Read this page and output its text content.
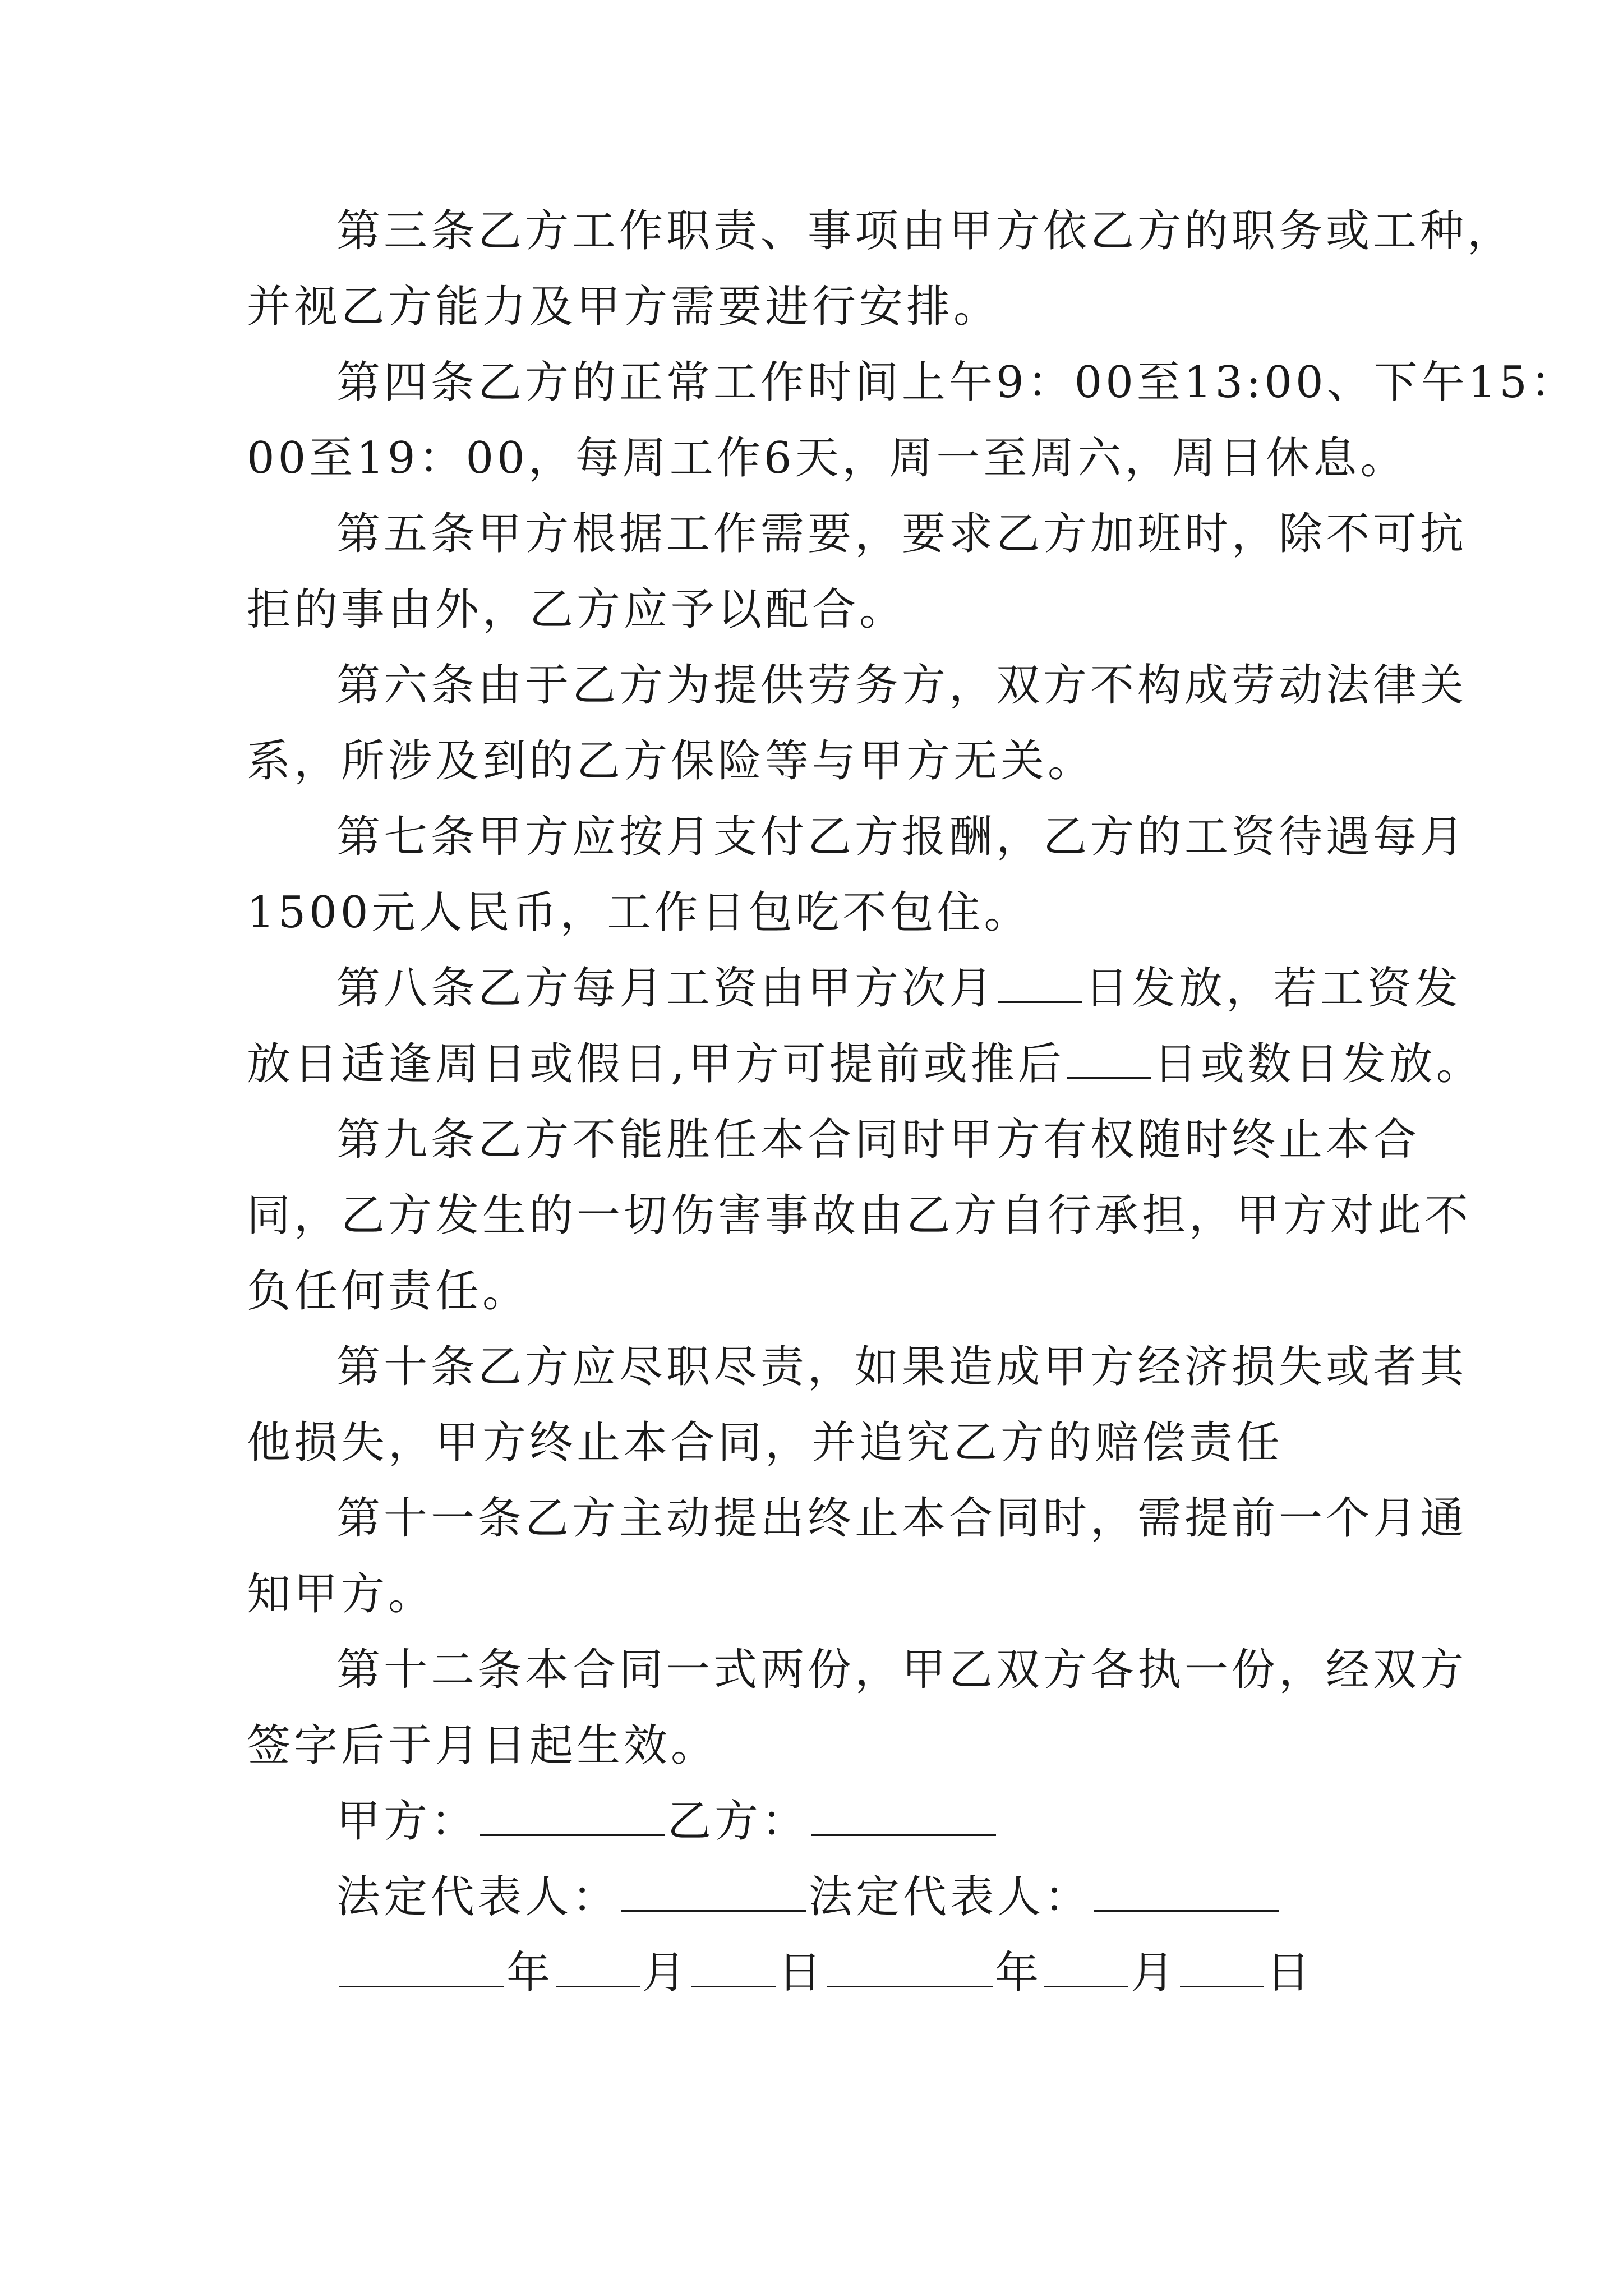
第三条乙方工作职责、事项由甲方依乙方的职务或工种，
并视乙方能力及甲方需要进行安排。
第四条乙方的正常工作时间上午9：00至13:00、下午15：
00至19：00，每周工作6天，周一至周六，周日休息。
第五条甲方根据工作需要，要求乙方加班时，除不可抗
拒的事由外，乙方应予以配合。
第六条由于乙方为提供劳务方，双方不构成劳动法律关
系，所涉及到的乙方保险等与甲方无关。
第七条甲方应按月支付乙方报酬，乙方的工资待遇每月
1500元人民币，工作日包吃不包住。
第八条乙方每月工资由甲方次月 日发放，若工资发
放日适逢周日或假日,甲方可提前或推后 日或数日发放。
第九条乙方不能胜任本合同时甲方有权随时终止本合
同，乙方发生的一切伤害事故由乙方自行承担，甲方对此不
负任何责任。
第十条乙方应尽职尽责，如果造成甲方经济损失或者其
他损失，甲方终止本合同，并追究乙方的赔偿责任
第十一条乙方主动提出终止本合同时，需提前一个月通
知甲方。
第十二条本合同一式两份，甲乙双方各执一份，经双方
签字后于月日起生效。
甲方：	乙方：
法定代表人：	法定代表人：
年 月 日	年 月 日
